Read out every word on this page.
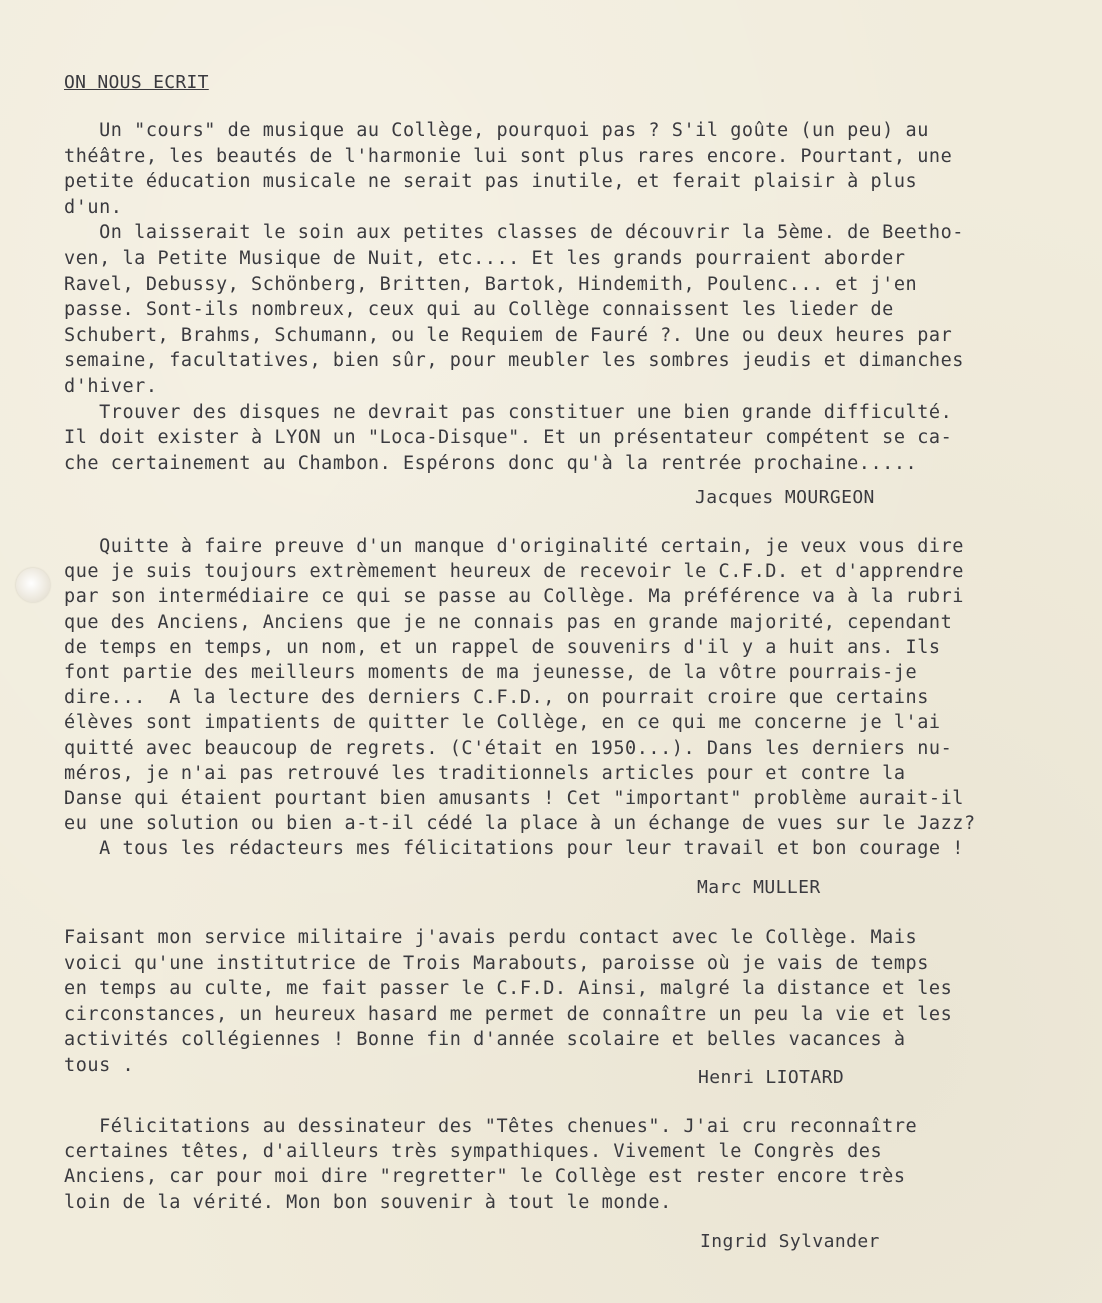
ON NOUS ECRIT
Un "cours" de musique au Collège, pourquoi pas ? S'il goûte (un peu) au
théâtre, les beautés de l'harmonie lui sont plus rares encore. Pourtant, une
petite éducation musicale ne serait pas inutile, et ferait plaisir à plus
d'un.
On laisserait le soin aux petites classes de découvrir la 5ème. de Beetho-
ven, la Petite Musique de Nuit, etc.... Et les grands pourraient aborder
Ravel, Debussy, Schönberg, Britten, Bartok, Hindemith, Poulenc... et j'en
passe. Sont-ils nombreux, ceux qui au Collège connaissent les lieder de
Schubert, Brahms, Schumann, ou le Requiem de Fauré ?. Une ou deux heures par
semaine, facultatives, bien sûr, pour meubler les sombres jeudis et dimanches
d'hiver.
Trouver des disques ne devrait pas constituer une bien grande difficulté.
Il doit exister à LYON un "Loca-Disque". Et un présentateur compétent se ca-
che certainement au Chambon. Espérons donc qu'à la rentrée prochaine.....
Jacques MOURGEON
Quitte à faire preuve d'un manque d'originalité certain, je veux vous dire
que je suis toujours extrèmement heureux de recevoir le C.F.D. et d'apprendre
par son intermédiaire ce qui se passe au Collège. Ma préférence va à la rubri
que des Anciens, Anciens que je ne connais pas en grande majorité, cependant
de temps en temps, un nom, et un rappel de souvenirs d'il y a huit ans. Ils
font partie des meilleurs moments de ma jeunesse, de la vôtre pourrais-je
dire...  A la lecture des derniers C.F.D., on pourrait croire que certains
élèves sont impatients de quitter le Collège, en ce qui me concerne je l'ai
quitté avec beaucoup de regrets. (C'était en 1950...). Dans les derniers nu-
méros, je n'ai pas retrouvé les traditionnels articles pour et contre la
Danse qui étaient pourtant bien amusants ! Cet "important" problème aurait-il
eu une solution ou bien a-t-il cédé la place à un échange de vues sur le Jazz?
A tous les rédacteurs mes félicitations pour leur travail et bon courage !
Marc MULLER
Faisant mon service militaire j'avais perdu contact avec le Collège. Mais
voici qu'une institutrice de Trois Marabouts, paroisse où je vais de temps
en temps au culte, me fait passer le C.F.D. Ainsi, malgré la distance et les
circonstances, un heureux hasard me permet de connaître un peu la vie et les
activités collégiennes ! Bonne fin d'année scolaire et belles vacances à
tous .
Henri LIOTARD
Félicitations au dessinateur des "Têtes chenues". J'ai cru reconnaître
certaines têtes, d'ailleurs très sympathiques. Vivement le Congrès des
Anciens, car pour moi dire "regretter" le Collège est rester encore très
loin de la vérité. Mon bon souvenir à tout le monde.
Ingrid Sylvander
